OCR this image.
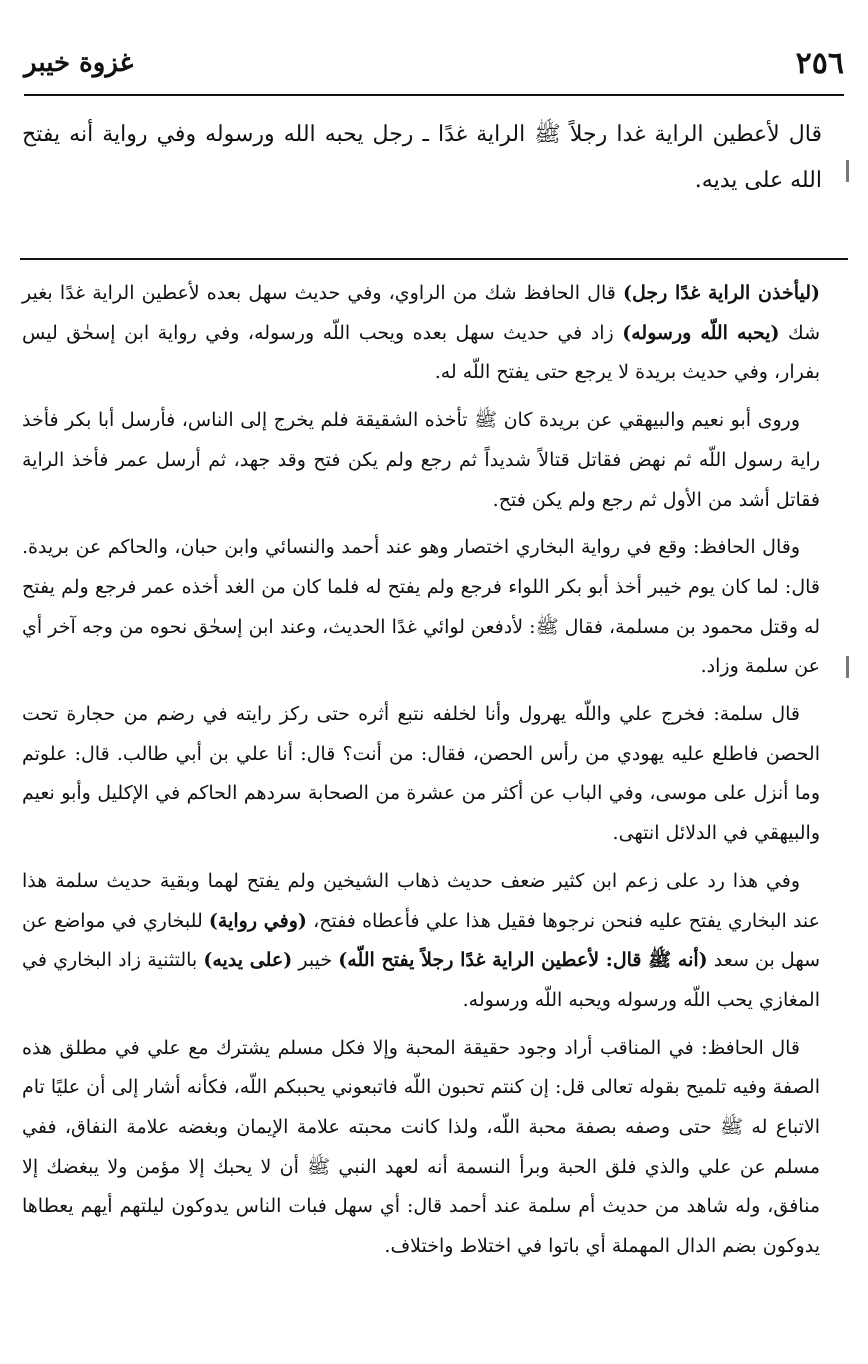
٢٥٦
غزوة خيبر

قال لأعطين الراية غدا رجلاً ﷺ الراية غدًا ـ رجل يحبه الله ورسوله وفي رواية أنه يفتح الله على يديه.

(ليأخذن الراية غدًا رجل) قال الحافظ شك من الراوي، وفي حديث سهل بعده لأعطين الراية غدًا بغير شك (يحبه اللّه ورسوله) زاد في حديث سهل بعده ويحب اللّه ورسوله، وفي رواية ابن إسحٰق ليس بفرار، وفي حديث بريدة لا يرجع حتى يفتح اللّه له.

وروى أبو نعيم والبيهقي عن بريدة كان ﷺ تأخذه الشقيقة فلم يخرج إلى الناس، فأرسل أبا بكر فأخذ راية رسول اللّه ثم نهض فقاتل قتالاً شديداً ثم رجع ولم يكن فتح وقد جهد، ثم أرسل عمر فأخذ الراية فقاتل أشد من الأول ثم رجع ولم يكن فتح.

وقال الحافظ: وقع في رواية البخاري اختصار وهو عند أحمد والنسائي وابن حبان، والحاكم عن بريدة. قال: لما كان يوم خيبر أخذ أبو بكر اللواء فرجع ولم يفتح له فلما كان من الغد أخذه عمر فرجع ولم يفتح له وقتل محمود بن مسلمة، فقال ﷺ: لأدفعن لوائي غدًا الحديث، وعند ابن إسحٰق نحوه من وجه آخر أي عن سلمة وزاد.

قال سلمة: فخرج علي واللّه يهرول وأنا لخلفه نتبع أثره حتى ركز رايته في رضم من حجارة تحت الحصن فاطلع عليه يهودي من رأس الحصن، فقال: من أنت؟ قال: أنا علي بن أبي طالب. قال: علوتم وما أنزل على موسى، وفي الباب عن أكثر من عشرة من الصحابة سردهم الحاكم في الإكليل وأبو نعيم والبيهقي في الدلائل انتهى.

وفي هذا رد على زعم ابن كثير ضعف حديث ذهاب الشيخين ولم يفتح لهما وبقية حديث سلمة هذا عند البخاري يفتح عليه فنحن نرجوها فقيل هذا علي فأعطاه ففتح، (وفي رواية) للبخاري في مواضع عن سهل بن سعد (أنه ﷺ قال: لأعطين الراية غدًا رجلاً يفتح اللّه) خيبر (على يديه) بالتثنية زاد البخاري في المغازي يحب اللّه ورسوله ويحبه اللّه ورسوله.

قال الحافظ: في المناقب أراد وجود حقيقة المحبة وإلا فكل مسلم يشترك مع علي في مطلق هذه الصفة وفيه تلميح بقوله تعالى قل: إن كنتم تحبون اللّه فاتبعوني يحببكم اللّه، فكأنه أشار إلى أن عليًا تام الاتباع له ﷺ حتى وصفه بصفة محبة اللّه، ولذا كانت محبته علامة الإيمان وبغضه علامة النفاق، ففي مسلم عن علي والذي فلق الحبة وبرأ النسمة أنه لعهد النبي ﷺ أن لا يحبك إلا مؤمن ولا يبغضك إلا منافق، وله شاهد من حديث أم سلمة عند أحمد قال: أي سهل فبات الناس يدوكون ليلتهم أيهم يعطاها يدوكون بضم الدال المهملة أي باتوا في اختلاط واختلاف.
